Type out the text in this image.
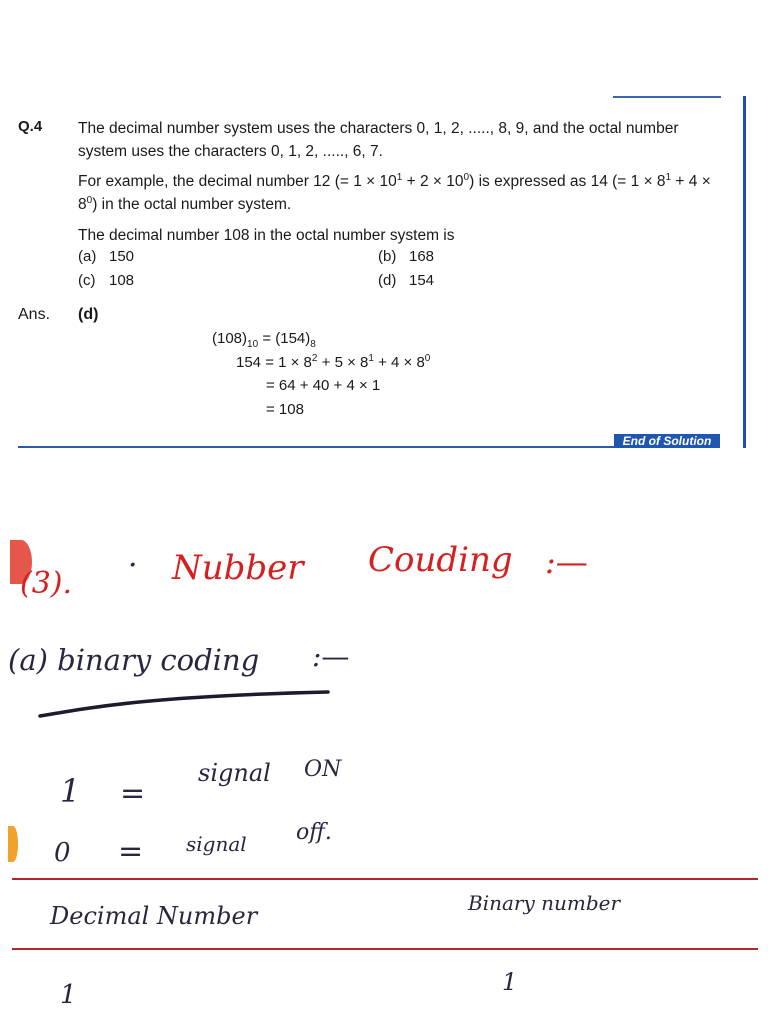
Q.4 The decimal number system uses the characters 0, 1, 2, ....., 8, 9, and the octal number system uses the characters 0, 1, 2, ....., 6, 7.
For example, the decimal number 12 (= $1 \times 10^1 + 2 \times 10^0$) is expressed as 14 (= $1 \times 8^1 + 4 \times 8^0$) in the octal number system.
The decimal number 108 in the octal number system is
(a) 150	(b) 168
(c) 108	(d) 154
Ans. (d)
$(108)_{10} = (154)_8$
$154 = 1 \times 8^2 + 5 \times 8^1 + 4 \times 8^0$
= 64 + 40 + 4 × 1
= 108
End of Solution
(3).
· Nubber Couding :—
(a) binary coding :—
1 =
signal ON
0 = signal off.
Decimal Number	Binary number
1	1
